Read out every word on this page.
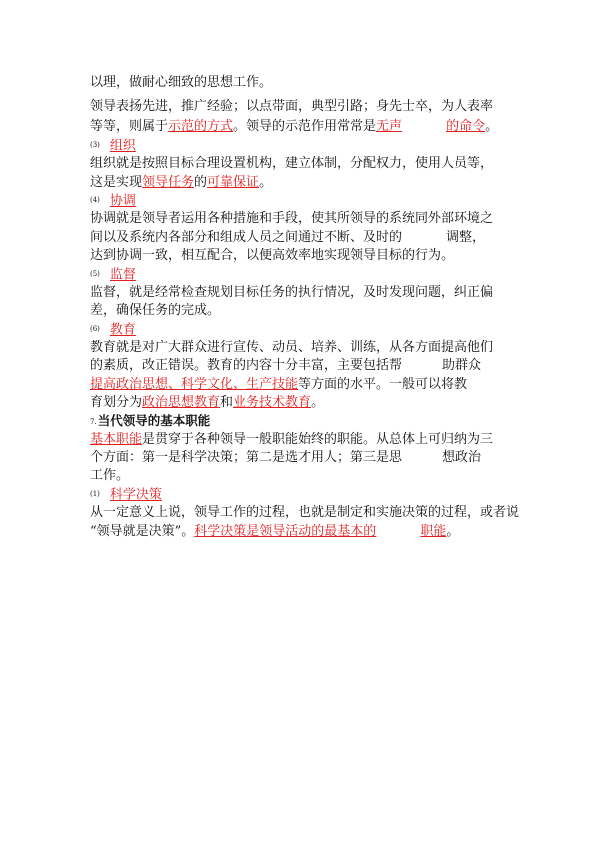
以理，做耐心细致的思想工作。
领导表扬先进，推广经验；以点带面，典型引路；身先士卒，为人表率
等等，则属于示范的方式。领导的示范作用常常是无声	的命令。
(3) 组织
组织就是按照目标合理设置机构，建立体制，分配权力，使用人员等，
这是实现领导任务的可靠保证。
(4) 协调
协调就是领导者运用各种措施和手段，使其所领导的系统同外部环境之
间以及系统内各部分和组成人员之间通过不断、及时的	调整，
达到协调一致，相互配合，以便高效率地实现领导目标的行为。
(5) 监督
监督，就是经常检查规划目标任务的执行情况，及时发现问题，纠正偏
差，确保任务的完成。
(6) 教育
教育就是对广大群众进行宣传、动员、培养、训练，从各方面提高他们
的素质，改正错误。教育的内容十分丰富，主要包括帮	助群众
提高政治思想、科学文化、生产技能等方面的水平。一般可以将教
育划分为政治思想教育和业务技术教育。
7.当代领导的基本职能
基本职能是贯穿于各种领导一般职能始终的职能。从总体上可归纳为三
个方面：第一是科学决策；第二是选才用人；第三是思	想政治
工作。
(1) 科学决策
从一定意义上说，领导工作的过程，也就是制定和实施决策的过程，或者说
“领导就是决策”。科学决策是领导活动的最基本的	职能。
